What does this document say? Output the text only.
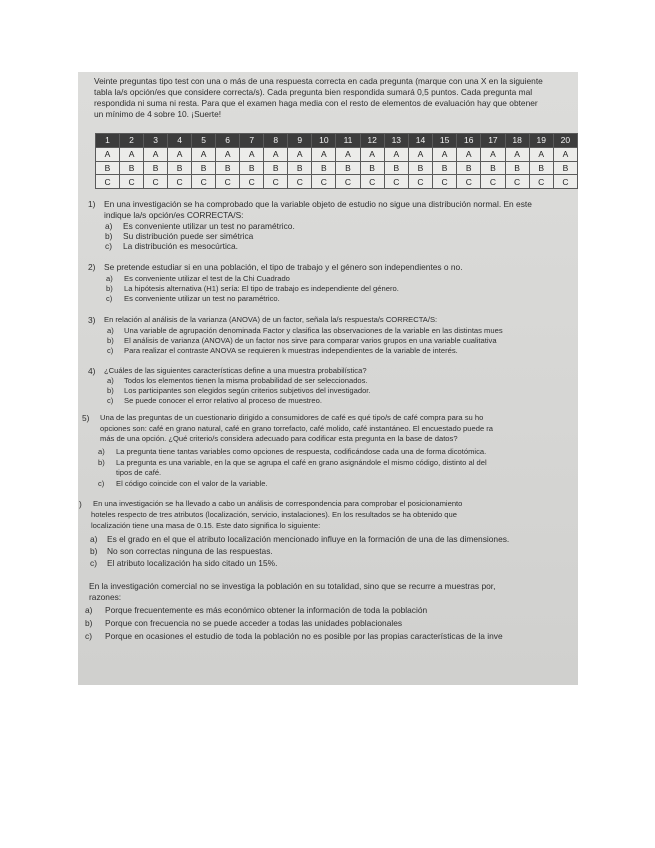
Veinte preguntas tipo test con una o más de una respuesta correcta en cada pregunta (marque con una X en la siguiente
tabla la/s opción/es que considere correcta/s). Cada pregunta bien respondida sumará 0,5 puntos. Cada pregunta mal
respondida ni suma ni resta. Para que el examen haga media con el resto de elementos de evaluación hay que obtener
un mínimo de 4 sobre 10. ¡Suerte!
1	2	3	4	5	6	7	8	9	10	11	12	13	14	15	16	17	18	19	20
A	A	A	A	A	A	A	A	A	A	A	A	A	A	A	A	A	A	A	A
B	B	B	B	B	B	B	B	B	B	B	B	B	B	B	B	B	B	B	B
C	C	C	C	C	C	C	C	C	C	C	C	C	C	C	C	C	C	C	C
1) En una investigación se ha comprobado que la variable objeto de estudio no sigue una distribución normal. En este
indique la/s opción/es CORRECTA/S:
a) Es conveniente utilizar un test no paramétrico.
b) Su distribución puede ser simétrica
c) La distribución es mesocúrtica.
2) Se pretende estudiar si en una población, el tipo de trabajo y el género son independientes o no.
a) Es conveniente utilizar el test de la Chi Cuadrado
b) La hipótesis alternativa (H1) sería: El tipo de trabajo es independiente del género.
c) Es conveniente utilizar un test no paramétrico.
3) En relación al análisis de la varianza (ANOVA) de un factor, señala la/s respuesta/s CORRECTA/S:
a) Una variable de agrupación denominada Factor y clasifica las observaciones de la variable en las distintas mues
b) El análisis de varianza (ANOVA) de un factor nos sirve para comparar varios grupos en una variable cualitativa
c) Para realizar el contraste ANOVA se requieren k muestras independientes de la variable de interés.
4) ¿Cuáles de las siguientes características define a una muestra probabilística?
a) Todos los elementos tienen la misma probabilidad de ser seleccionados.
b) Los participantes son elegidos según criterios subjetivos del investigador.
c) Se puede conocer el error relativo al proceso de muestreo.
5) Una de las preguntas de un cuestionario dirigido a consumidores de café es qué tipo/s de café compra para su ho
opciones son: café en grano natural, café en grano torrefacto, café molido, café instantáneo. El encuestado puede ra
más de una opción. ¿Qué criterio/s considera adecuado para codificar esta pregunta en la base de datos?
a) La pregunta tiene tantas variables como opciones de respuesta, codificándose cada una de forma dicotómica.
b) La pregunta es una variable, en la que se agrupa el café en grano asignándole el mismo código, distinto al del
tipos de café.
c) El código coincide con el valor de la variable.
) En una investigación se ha llevado a cabo un análisis de correspondencia para comprobar el posicionamiento
hoteles respecto de tres atributos (localización, servicio, instalaciones). En los resultados se ha obtenido que
localización tiene una masa de 0.15. Este dato significa lo siguiente:
a) Es el grado en el que el atributo localización mencionado influye en la formación de una de las dimensiones.
b) No son correctas ninguna de las respuestas.
c) El atributo localización ha sido citado un 15%.
En la investigación comercial no se investiga la población en su totalidad, sino que se recurre a muestras por,
razones:
a) Porque frecuentemente es más económico obtener la información de toda la población
b) Porque con frecuencia no se puede acceder a todas las unidades poblacionales
c) Porque en ocasiones el estudio de toda la población no es posible por las propias características de la inve
